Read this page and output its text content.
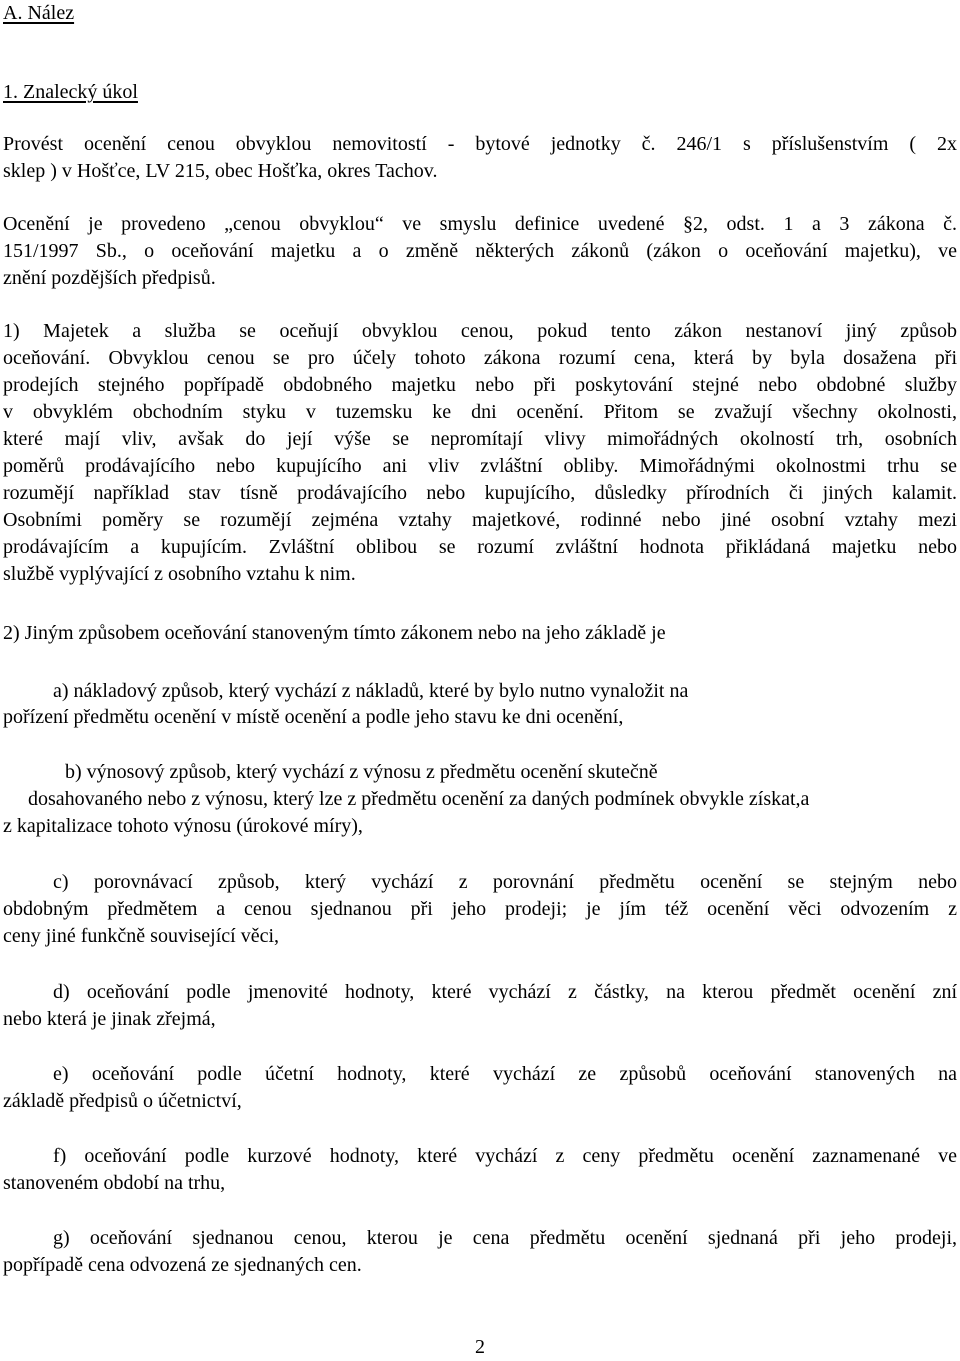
A. Nález
1. Znalecký úkol
Provést ocenění cenou obvyklou nemovitostí - bytové jednotky č. 246/1 s příslušenstvím ( 2x
sklep ) v Hošťce, LV 215, obec Hošťka, okres Tachov.
Ocenění je provedeno „cenou obvyklou“ ve smyslu definice uvedené §2, odst. 1 a 3 zákona č.
151/1997 Sb., o oceňování majetku a o změně některých zákonů (zákon o oceňování majetku), ve
znění pozdějších předpisů.
1) Majetek a služba se oceňují obvyklou cenou, pokud tento zákon nestanoví jiný způsob
oceňování. Obvyklou cenou se pro účely tohoto zákona rozumí cena, která by byla dosažena při
prodejích stejného popřípadě obdobného majetku nebo při poskytování stejné nebo obdobné služby
v obvyklém obchodním styku v tuzemsku ke dni ocenění. Přitom se zvažují všechny okolnosti,
které mají vliv, avšak do její výše se nepromítají vlivy mimořádných okolností trh, osobních
poměrů prodávajícího nebo kupujícího ani vliv zvláštní obliby. Mimořádnými okolnostmi trhu se
rozumějí například stav tísně prodávajícího nebo kupujícího, důsledky přírodních či jiných kalamit.
Osobními poměry se rozumějí zejména vztahy majetkové, rodinné nebo jiné osobní vztahy mezi
prodávajícím a kupujícím. Zvláštní oblibou se rozumí zvláštní hodnota přikládaná majetku nebo
službě vyplývající z osobního vztahu k nim.
2) Jiným způsobem oceňování stanoveným tímto zákonem nebo na jeho základě je
a) nákladový způsob, který vychází z nákladů, které by bylo nutno vynaložit na
pořízení předmětu ocenění v místě ocenění a podle jeho stavu ke dni ocenění,
b) výnosový způsob, který vychází z výnosu z předmětu ocenění skutečně
dosahovaného nebo z výnosu, který lze z předmětu ocenění za daných podmínek obvykle získat,a
z kapitalizace tohoto výnosu (úrokové míry),
c) porovnávací způsob, který vychází z porovnání předmětu ocenění se stejným nebo
obdobným předmětem a cenou sjednanou při jeho prodeji; je jím též ocenění věci odvozením z
ceny jiné funkčně související věci,
d) oceňování podle jmenovité hodnoty, které vychází z částky, na kterou předmět ocenění zní
nebo která je jinak zřejmá,
e) oceňování podle účetní hodnoty, které vychází ze způsobů oceňování stanovených na
základě předpisů o účetnictví,
f) oceňování podle kurzové hodnoty, které vychází z ceny předmětu ocenění zaznamenané ve
stanoveném období na trhu,
g) oceňování sjednanou cenou, kterou je cena předmětu ocenění sjednaná při jeho prodeji,
popřípadě cena odvozená ze sjednaných cen.
2
